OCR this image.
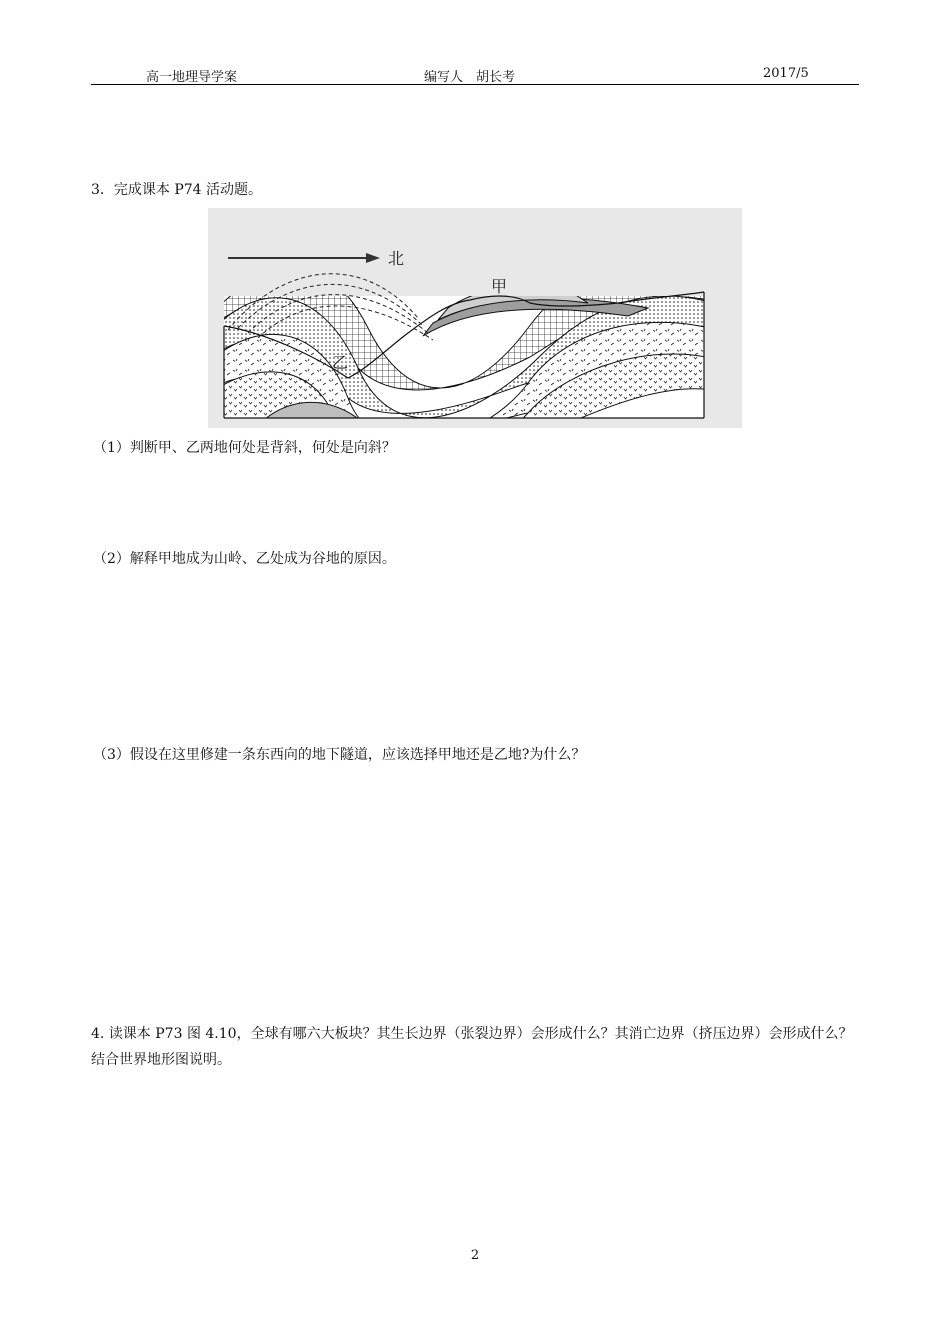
高一地理导学案	编写人　胡长考	2017/5
3．完成课本 P74 活动题。
北
甲
乙
（1）判断甲、乙两地何处是背斜，何处是向斜？
（2）解释甲地成为山岭、乙处成为谷地的原因。
（3）假设在这里修建一条东西向的地下隧道，应该选择甲地还是乙地?为什么？
4. 读课本 P73 图 4.10，全球有哪六大板块？其生长边界（张裂边界）会形成什么？其消亡边界（挤压边界）会形成什么？结合世界地形图说明。
2
